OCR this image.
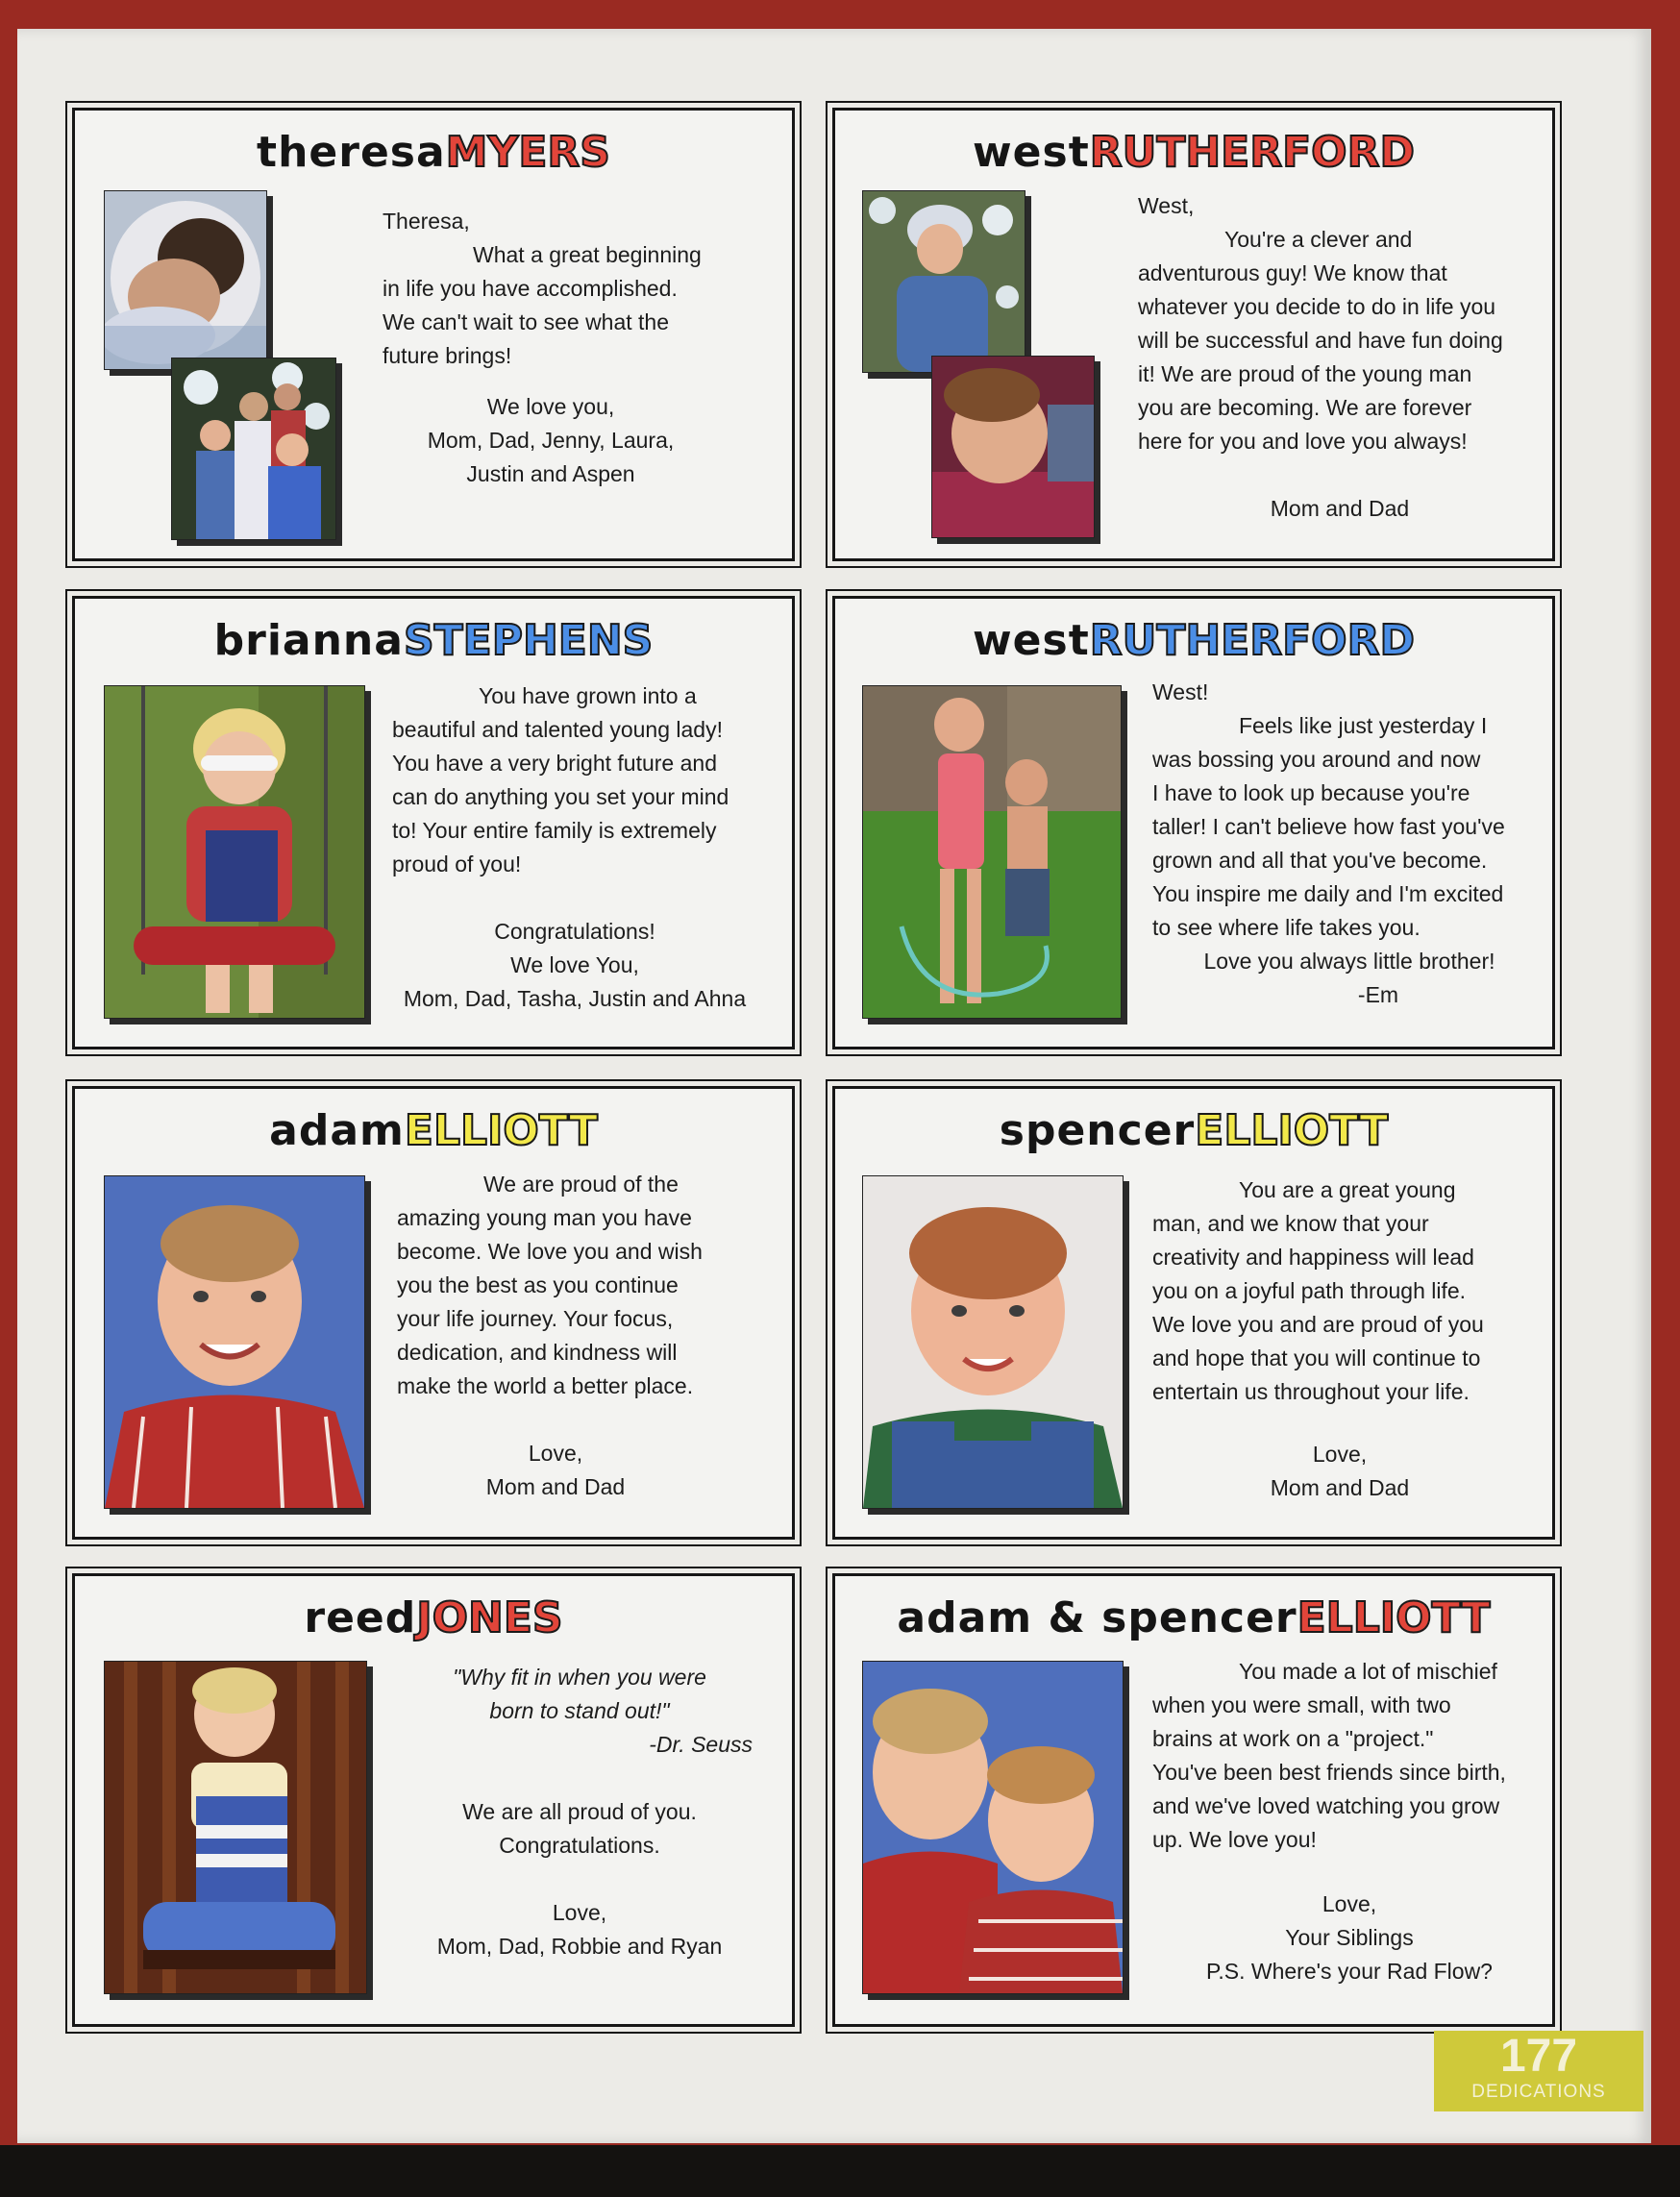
theresaMYERS

Theresa,

What a great beginning

in life you have accomplished.

We can't wait to see what the

future brings!

We love you,

Mom, Dad, Jenny, Laura,

Justin and Aspen

westRUTHERFORD

West,

You're a clever and

adventurous guy! We know that

whatever you decide to do in life you

will be successful and have fun doing

it! We are proud of the young man

you are becoming. We are forever

here for you and love you always!

Mom and Dad

briannaSTEPHENS

You have grown into a

beautiful and talented young lady!

You have a very bright future and

can do anything you set your mind

to! Your entire family is extremely

proud of you!

Congratulations!

We love You,

Mom, Dad, Tasha, Justin and Ahna

westRUTHERFORD

West!

Feels like just yesterday I

was bossing you around and now

I have to look up because you're

taller! I can't believe how fast you've

grown and all that you've become.

You inspire me daily and I'm excited

to see where life takes you.

Love you always little brother!

-Em

adamELLIOTT

We are proud of the

amazing young man you have

become. We love you and wish

you the best as you continue

your life journey. Your focus,

dedication, and kindness will

make the world a better place.

Love,

Mom and Dad

spencerELLIOTT

You are a great young

man, and we know that your

creativity and happiness will lead

you on a joyful path through life.

We love you and are proud of you

and hope that you will continue to

entertain us throughout your life.

Love,

Mom and Dad

reedJONES

"Why fit in when you were

born to stand out!"

-Dr. Seuss

We are all proud of you.

Congratulations.

Love,

Mom, Dad, Robbie and Ryan

adam & spencerELLIOTT

You made a lot of mischief

when you were small, with two

brains at work on a "project."

You've been best friends since birth,

and we've loved watching you grow

up. We love you!

Love,

Your Siblings

P.S. Where's your Rad Flow?

177
DEDICATIONS
